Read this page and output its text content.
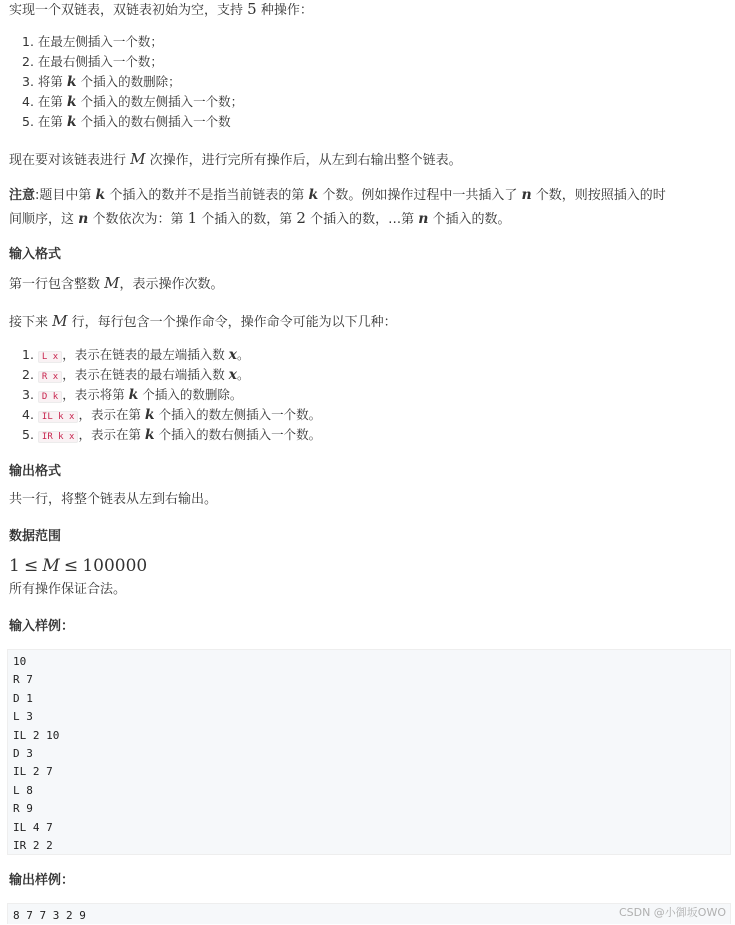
实现一个双链表，双链表初始为空，支持 5 种操作：
1. 在最左侧插入一个数；
2. 在最右侧插入一个数；
3. 将第 k 个插入的数删除；
4. 在第 k 个插入的数左侧插入一个数；
5. 在第 k 个插入的数右侧插入一个数
现在要对该链表进行 M 次操作，进行完所有操作后，从左到右输出整个链表。
注意:题目中第 k 个插入的数并不是指当前链表的第 k 个数。例如操作过程中一共插入了 n 个数，则按照插入的时
间顺序，这 n 个数依次为：第 1 个插入的数，第 2 个插入的数，…第 n 个插入的数。
输入格式
第一行包含整数 M，表示操作次数。
接下来 M 行，每行包含一个操作命令，操作命令可能为以下几种：
1. L x ，表示在链表的最左端插入数 x。
2. R x ，表示在链表的最右端插入数 x。
3. D k ，表示将第 k 个插入的数删除。
4. IL k x ，表示在第 k 个插入的数左侧插入一个数。
5. IR k x ，表示在第 k 个插入的数右侧插入一个数。
输出格式
共一行，将整个链表从左到右输出。
数据范围
1 ≤ M ≤ 100000
所有操作保证合法。
输入样例：
10
R 7
D 1
L 3
IL 2 10
D 3
IL 2 7
L 8
R 9
IL 4 7
IR 2 2
输出样例：
8 7 7 3 2 9	CSDN @小御坂OWO
